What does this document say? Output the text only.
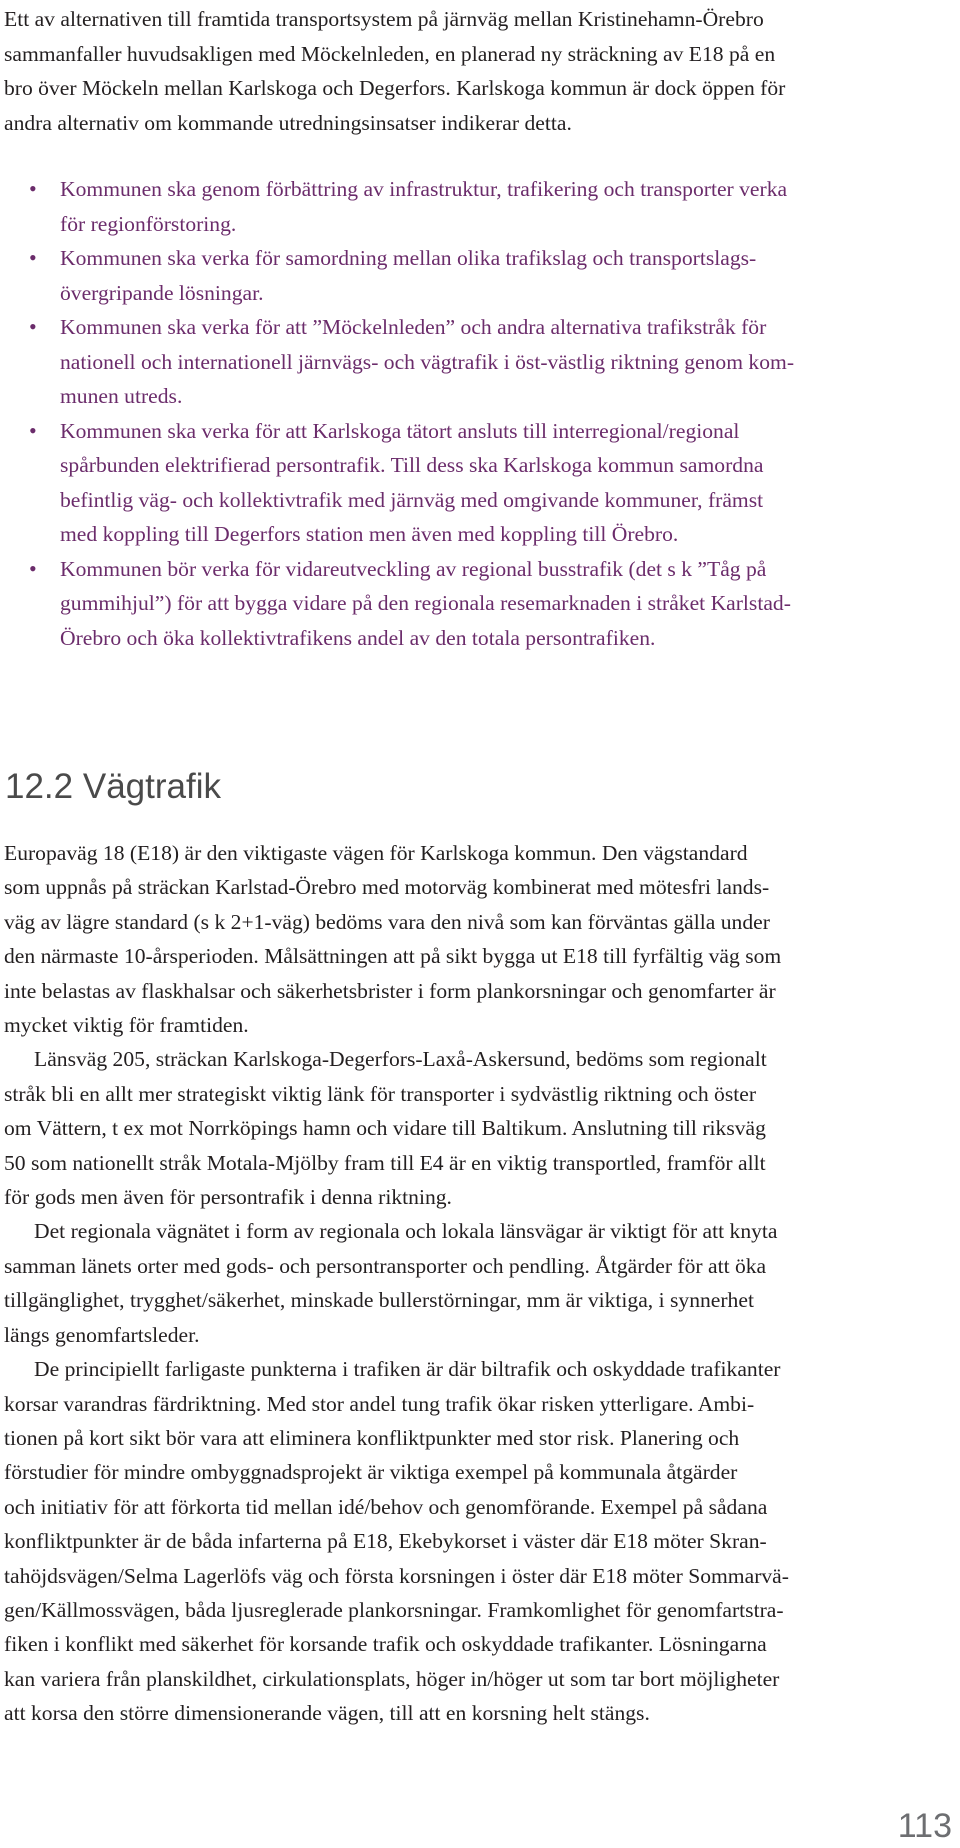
Ett av alternativen till framtida transportsystem på järnväg mellan Kristinehamn-Örebro
sammanfaller huvudsakligen med Möckelnleden, en planerad ny sträckning av E18 på en
bro över Möckeln mellan Karlskoga och Degerfors. Karlskoga kommun är dock öppen för
andra alternativ om kommande utredningsinsatser indikerar detta.
• Kommunen ska genom förbättring av infrastruktur, trafikering och transporter verka
för regionförstoring.
• Kommunen ska verka för samordning mellan olika trafikslag och transportslags-
övergripande lösningar.
• Kommunen ska verka för att ”Möckelnleden” och andra alternativa trafikstråk för
nationell och internationell järnvägs- och vägtrafik i öst-västlig riktning genom kom-
munen utreds.
• Kommunen ska verka för att Karlskoga tätort ansluts till interregional/regional
spårbunden elektrifierad persontrafik. Till dess ska Karlskoga kommun samordna
befintlig väg- och kollektivtrafik med järnväg med omgivande kommuner, främst
med koppling till Degerfors station men även med koppling till Örebro.
• Kommunen bör verka för vidareutveckling av regional busstrafik (det s k ”Tåg på
gummihjul”) för att bygga vidare på den regionala resemarknaden i stråket Karlstad-
Örebro och öka kollektivtrafikens andel av den totala persontrafiken.
12.2 Vägtrafik

Europaväg 18 (E18) är den viktigaste vägen för Karlskoga kommun. Den vägstandard
som uppnås på sträckan Karlstad-Örebro med motorväg kombinerat med mötesfri lands-
väg av lägre standard (s k 2+1-väg) bedöms vara den nivå som kan förväntas gälla under
den närmaste 10-årsperioden. Målsättningen att på sikt bygga ut E18 till fyrfältig väg som
inte belastas av flaskhalsar och säkerhetsbrister i form plankorsningar och genomfarter är
mycket viktig för framtiden.

Länsväg 205, sträckan Karlskoga-Degerfors-Laxå-Askersund, bedöms som regionalt
stråk bli en allt mer strategiskt viktig länk för transporter i sydvästlig riktning och öster
om Vättern, t ex mot Norrköpings hamn och vidare till Baltikum. Anslutning till riksväg
50 som nationellt stråk Motala-Mjölby fram till E4 är en viktig transportled, framför allt
för gods men även för persontrafik i denna riktning.

Det regionala vägnätet i form av regionala och lokala länsvägar är viktigt för att knyta
samman länets orter med gods- och persontransporter och pendling. Åtgärder för att öka
tillgänglighet, trygghet/säkerhet, minskade bullerstörningar, mm är viktiga, i synnerhet
längs genomfartsleder.

De principiellt farligaste punkterna i trafiken är där biltrafik och oskyddade trafikanter
korsar varandras färdriktning. Med stor andel tung trafik ökar risken ytterligare. Ambi-
tionen på kort sikt bör vara att eliminera konfliktpunkter med stor risk. Planering och
förstudier för mindre ombyggnadsprojekt är viktiga exempel på kommunala åtgärder
och initiativ för att förkorta tid mellan idé/behov och genomförande. Exempel på sådana
konfliktpunkter är de båda infarterna på E18, Ekebykorset i väster där E18 möter Skran-
tahöjdsvägen/Selma Lagerlöfs väg och första korsningen i öster där E18 möter Sommarvä-
gen/Källmossvägen, båda ljusreglerade plankorsningar. Framkomlighet för genomfartstra-
fiken i konflikt med säkerhet för korsande trafik och oskyddade trafikanter. Lösningarna
kan variera från planskildhet, cirkulationsplats, höger in/höger ut som tar bort möjligheter
att korsa den större dimensionerande vägen, till att en korsning helt stängs.

113
